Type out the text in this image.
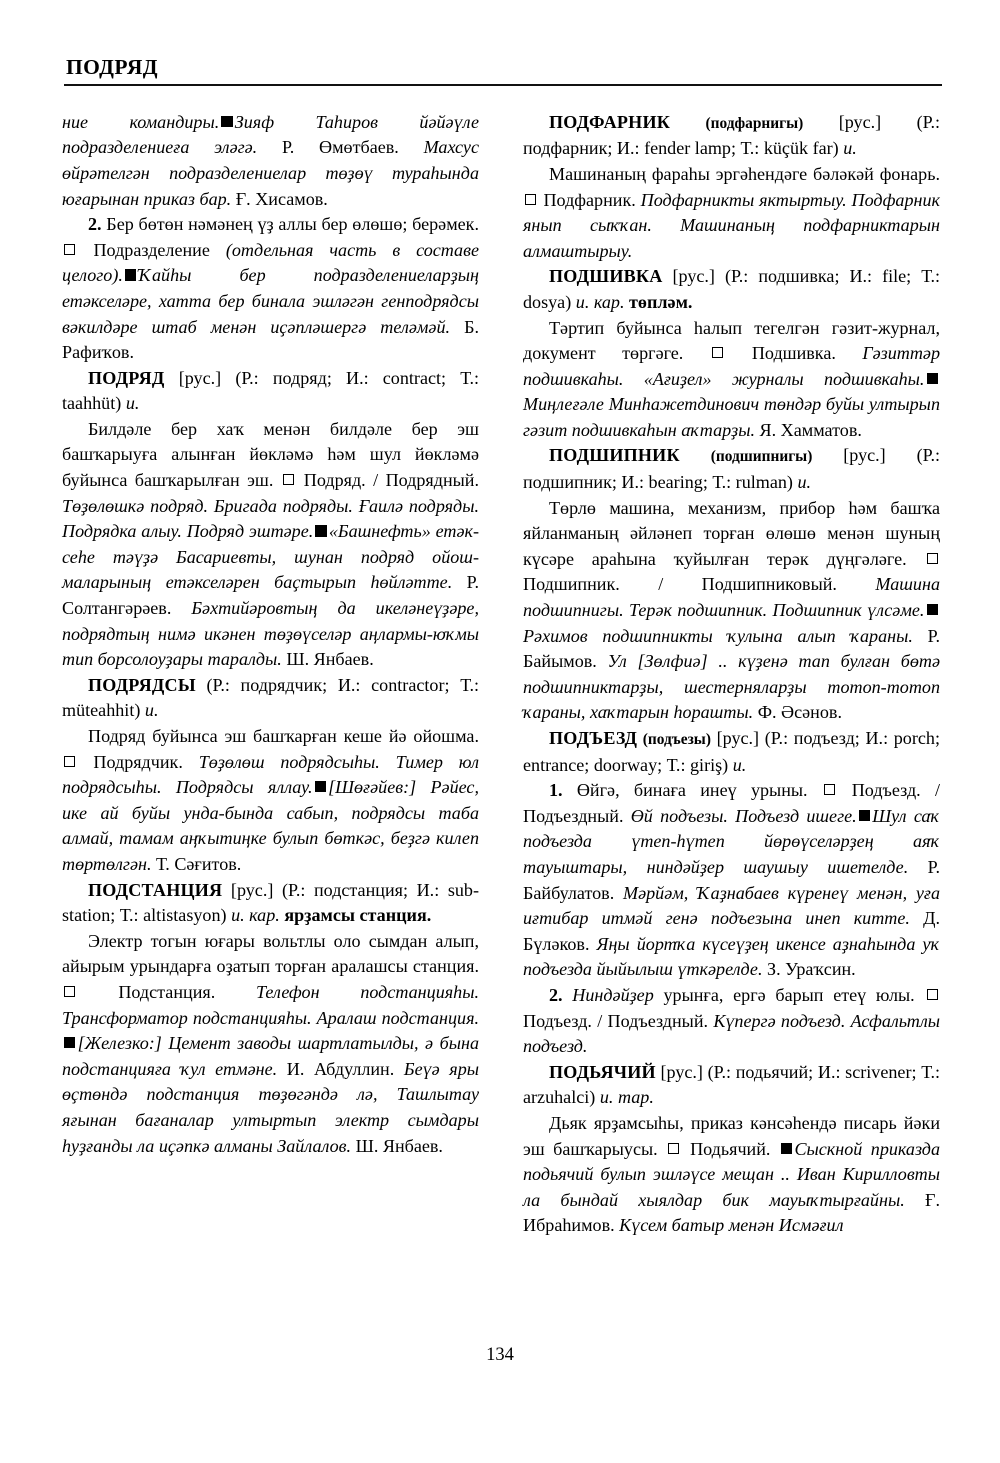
ПОДРЯД

ние командиры. Зияф Таһиров йәйәүле подразделениеға эләгә. Р. Өмөтбаев. Махсус өйрәтелгән подразделениелар төҙөү тураһында юғарынан приказ бар. Ғ. Хисамов.

2. Бер бөтөн нәмәнең үҙ аллы бер өлөшө; берәмек.  Подразделение (отдельная часть в составе целого). Ҡайһы бер подразделениеларҙың етәкселәре, хатта бер бинала эшләгән генподрядсы вәкилдәре штаб менән иҫәпләшергә теләмәй. Б. Рафиҡов.

ПОДРЯД [рус.] (Р.: подряд; И.: contract; Т.: taahhüt) и.

Билдәле бер хаҡ менән билдәле бер эш башҡарыуға алынған йөкләмә һәм шул йөкләмә буйынса башҡарылған эш.  Подряд. / Подрядный. Төҙөлөшкә подряд. Бригада подряды. Ғаилә подряды. Подрядка алыу. Подряд эштәре. «Башнефть» етәксеһе тәүҙә Басариевты, шунан подряд ойошмаларының етәкселәрен баҫтырып һөйләтте. Р. Солтангәрәев. Бәхтийәровтың да икеләнеүҙәре, подрядтың нимә икәнен төҙөүселәр аңлармы-юҡмы тип борсолоуҙары таралды. Ш. Янбаев.

ПОДРЯДСЫ (Р.: подрядчик; И.: contractor; Т.: müteahhit) и.

Подряд буйынса эш башҡарған кеше йә ойошма.  Подрядчик. Төҙөлөш подрядсыһы. Тимер юл подрядсыһы. Подрядсы яллау. [Шөғәйев:] Рәйес, ике ай буйы унда-бында сабып, подрядсы таба алмай, тамам аңҡытиңке булып бөткәс, беҙгә килеп төртөлгән. Т. Сәғитов.

ПОДСТАНЦИЯ [рус.] (Р.: подстанция; И.: sub-station; Т.: altistasyon) и. кар. ярҙамсы станция.

Электр тогын юғары вольтлы оло сымдан алып, айырым урындарға оҙатып торған аралашсы станция.  Подстанция. Телефон подстанцияһы. Трансформатор подстанцияһы. Аралаш подстанция.[Железко:] Цемент заводы шартлатылды, ә бына подстанцияға ҡул етмәне. И. Абдуллин. Беүә яры өҫтөндә подстанция төҙөгәндә лә, Ташлытау яғынан бағаналар ултыртып электр сымдары һуҙғанды ла иҫәпкә алманы Зайлалов. Ш. Янбаев.

ПОДФАРНИК (подфарнигы) [рус.] (Р.: подфарник; И.: fender lamp; Т.: küçük far) и.

Машинаның фараһы эргәһендәге бәләкәй фонарь.  Подфарник. Подфарникты яктыртыу. Подфарник янып сыҡҡан. Машинаның подфарниктарын алмаштырыу.

ПОДШИВКА [рус.] (Р.: подшивка; И.: file; Т.: dosya) и. кар. төпләм.

Тәртип буйынса һалып тегелгән гәзит-журнал, документ төргәге.  Подшивка. Гәзиттәр подшивкаһы. «Ағиҙел» журналы подшивкаһы.Миңлеғәле Минһажетдинович төндәр буйы ултырып гәзит подшивкаһын аҡтарҙы. Я. Хамматов.

ПОДШИПНИК (подшипнигы) [рус.] (Р.: подшипник; И.: bearing; Т.: rulman) и.

Төрлө машина, механизм, прибор һәм башҡа яйланманың әйләнеп торған өлөшө менән шуның күсәре араһына ҡуйылған терәк дүңгәләге.  Подшипник. / Подшипниковый. Машина подшипнигы. Терәк подшипник. Подшипник үлсәме.Рәхимов подшипникты ҡулына алып ҡараны. Р. Байымов. Ул [Зөлфиә] .. күҙенә тап булған бөтә подшипниктарҙы, шестерняларҙы тотоп-тотоп ҡараны, хаҡтарын һорашты. Ф. Әсәнов.

ПОДЪЕЗД (подъезы) [рус.] (Р.: подъезд; И.: porch; entrance; doorway; Т.: giriş) и.

1. Өйгә, бинаға инеү урыны.  Подъезд. / Подъездный. Өй подъезы. Подъезд ишеге. Шул саҡ подъезда үтеп-һүтеп йөрөүселәрҙең аяҡ тауыштары, ниндәйҙер шаушыу ишетелде. Р. Байбулатов. Мәрйәм, Ҡаҙнабаев күренеү менән, уға иғтибар итмәй генә подъезына инеп китте. Д. Бүләков. Яңы йортҡа күсеүҙең икенсе аҙнаһында уҡ подъезда йыйылыш үткәрелде. З. Ураҡсин.

2. Ниндәйҙер урынға, ергә барып етеү юлы.  Подъезд. / Подъездный. Күпергә подъезд. Асфальтлы подъезд.

ПОДЬЯЧИЙ [рус.] (Р.: подьячий; И.: scrivener; Т.: arzuhalci) и. тар.

Дьяк ярҙамсыһы, приказ кәнсәһендә писарь йәки эш башҡарыусы.  Подьячий. Сыскной приказда подьячий булып эшләүсе мещан .. Иван Кирилловты ла бындай хыялдар бик мауыҡтырғайны. Ғ. Ибраһимов. Күсем батыр менән Исмәғил

134
